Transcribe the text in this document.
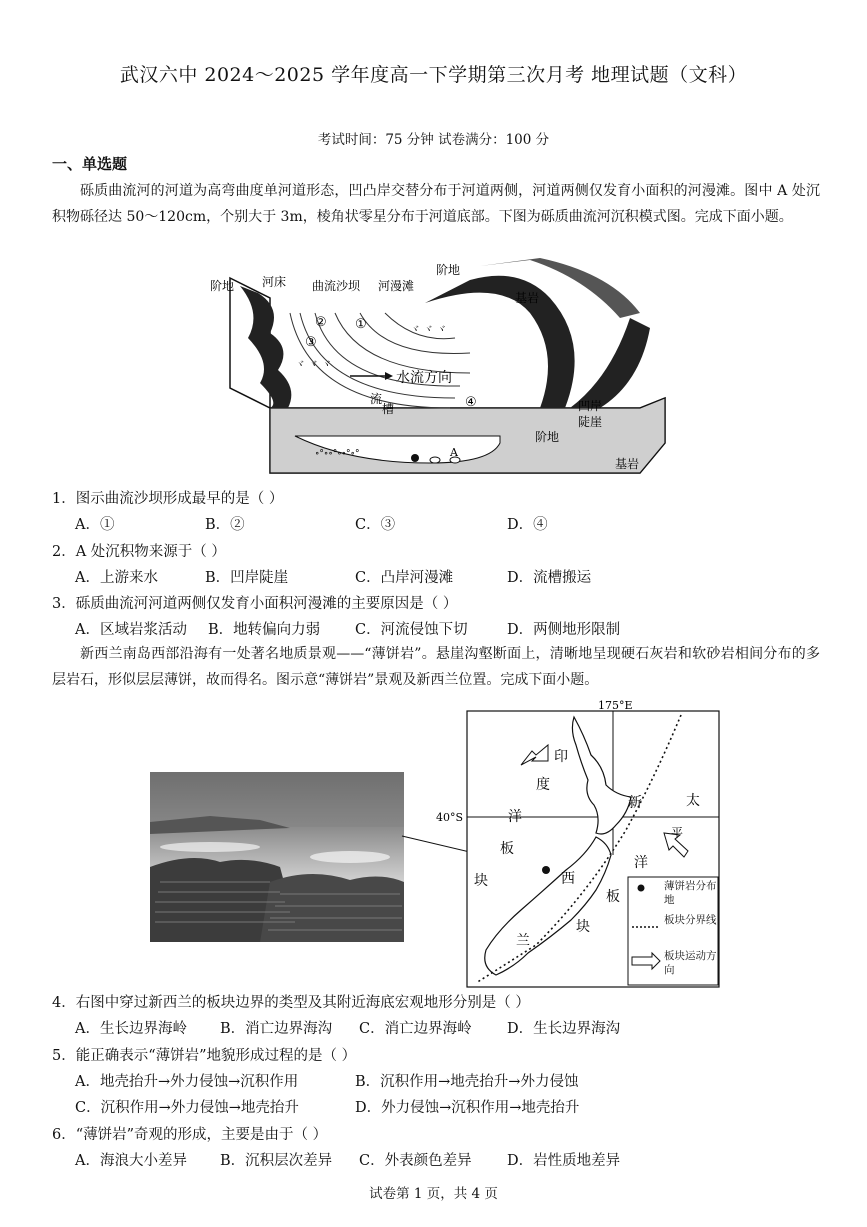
武汉六中 2024～2025 学年度高一下学期第三次月考 地理试题（文科）
考试时间：75 分钟 试卷满分：100 分
一、单选题

砾质曲流河的河道为高弯曲度单河道形态，凹凸岸交替分布于河道两侧，河道两侧仅发育小面积的河漫滩。图中 A 处沉积物砾径达 50～120cm，个别大于 3m，棱角状零星分布于河道底部。下图为砾质曲流河沉积模式图。完成下面小题。

ヾ ヾ ヾ
ヾ ヾ ヾ
∘°∘∘°∘∘°∘°
阶地 河床 曲流沙坝 河漫滩
阶地
基岩
水流方向
流
槽	凹岸
陡崖
阶地
A
基岩
①
②
③
④
1．图示曲流沙坝形成最早的是（ ）
A．①	B．②	C．③	D．④
2．A 处沉积物来源于（ ）
A．上游来水	B．凹岸陡崖	C．凸岸河漫滩	D．流槽搬运
3．砾质曲流河河道两侧仅发育小面积河漫滩的主要原因是（ ）
A．区域岩浆活动 B．地转偏向力弱 C．河流侵蚀下切	D．两侧地形限制

新西兰南岛西部沿海有一处著名地质景观——“薄饼岩”。悬崖沟壑断面上，清晰地呈现硬石灰岩和软砂岩相间分布的多层岩石，形似层层薄饼，故而得名。图示意“薄饼岩”景观及新西兰位置。完成下面小题。

175°E
40°S
印
度
洋
板
块
新
西
兰
太
平
洋
板
块
薄饼岩分布地
板块分界线
板块运动方向
4．右图中穿过新西兰的板块边界的类型及其附近海底宏观地形分别是（ ）
A．生长边界海岭 B．消亡边界海沟 C．消亡边界海岭 D．生长边界海沟
5．能正确表示“薄饼岩”地貌形成过程的是（ ）
A．地壳抬升→外力侵蚀→沉积作用	B．沉积作用→地壳抬升→外力侵蚀
C．沉积作用→外力侵蚀→地壳抬升	D．外力侵蚀→沉积作用→地壳抬升
6．“薄饼岩”奇观的形成，主要是由于（ ）
A．海浪大小差异 B．沉积层次差异 C．外表颜色差异 D．岩性质地差异
试卷第 1 页，共 4 页
